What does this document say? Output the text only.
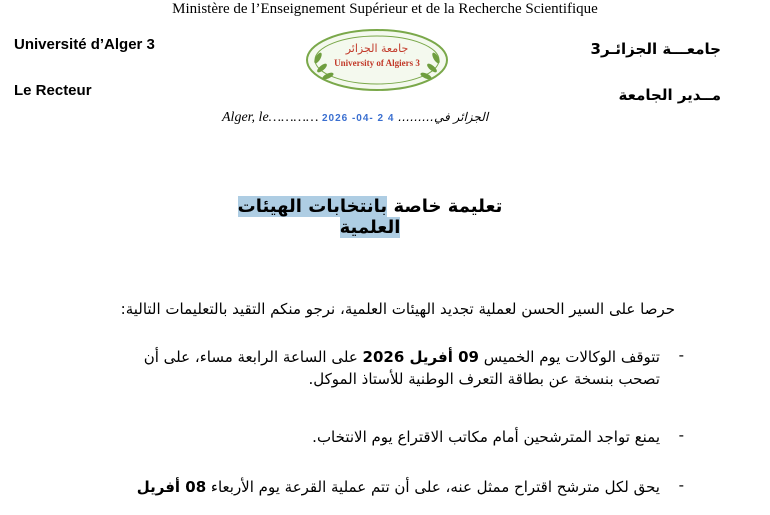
Ministère de l’Enseignement Supérieur et de la Recherche Scientifique
Université d’Alger 3
Le Recteur
جامعـــة الجزائـر3
مــدير الجامعة
جامعة الجزائر
University of Algiers 3
Alger, le………… 2026 -04- 2 4 الجزائر في………
تعليمة خاصة بانتخابات الهيئات العلمية
حرصا على السير الحسن لعملية تجديد الهيئات العلمية، نرجو منكم التقيد بالتعليمات التالية:
-
تتوقف الوكالات يوم الخميس 09 أفريل 2026 على الساعة الرابعة مساء، على أن
تصحب بنسخة عن بطاقة التعرف الوطنية للأستاذ الموكل.
-
يمنع تواجد المترشحين أمام مكاتب الاقتراع يوم الانتخاب.
-
يحق لكل مترشح اقتراح ممثل عنه، على أن تتم عملية القرعة يوم الأربعاء 08 أفريل
